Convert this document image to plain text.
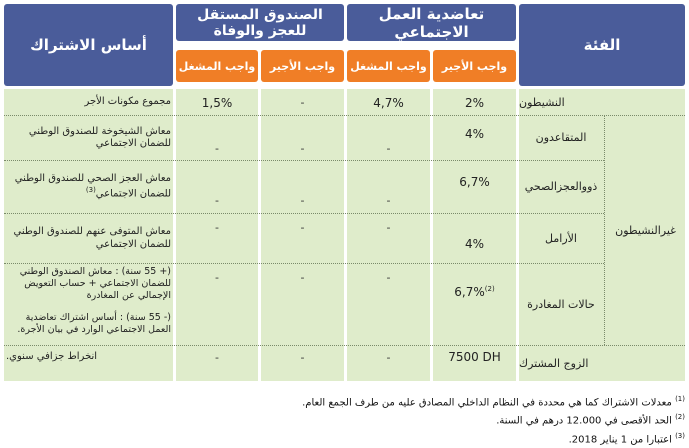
الفئة
تعاضدية العمل الاجتماعي
الصندوق المستقل للعجز والوفاة
أساس الاشتراك
واجب الأجير
واجب المشغل
واجب الأجير
واجب المشغل
النشيطون
2%
4,7%
-
1,5%
مجموع مكونات الأجر
غيرالنشيطون
المتقاعدون
4%
-
-
-
معاش الشيخوخة للصندوق الوطني للضمان الاجتماعي
ذووالعجزالصحي
6,7%
-
-
-
معاش العجز الصحي للصندوق الوطني للضمان الاجتماعي$^{(3)}$
الأرامل
4%
-
-
-
معاش المتوفى عنهم للصندوق الوطني للضمان الاجتماعي
حالات المغادرة
6,7%$^{(2)}$
-
-
-
(+ 55 سنة) : معاش الصندوق الوطني للضمان الاجتماعي + حساب التعويض الإجمالي عن المغادرة
(- 55 سنة) : أساس اشتراك تعاضدية العمل الاجتماعي الوارد في بيان الأجرة.
الزوج المشترك
7500 DH
-
-
-
انخراط جزافي سنوي.
$^{(1)}$ معدلات الاشتراك كما هي محددة في النظام الداخلي المصادق عليه من طرف الجمع العام.
$^{(2)}$ الحد الأقصى في 12.000 درهم في السنة.
$^{(3)}$ اعتبارا من 1 يناير 2018.
